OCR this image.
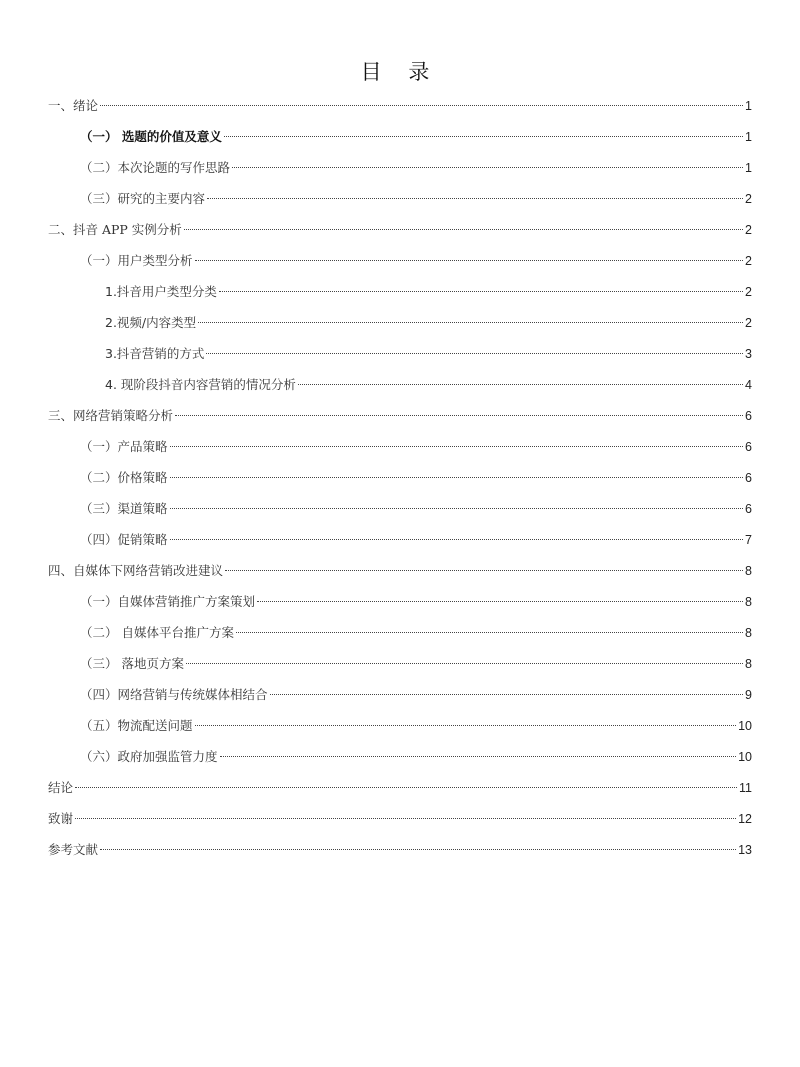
目 录
一、绪论	1
（一） 选题的价值及意义	1
（二）本次论题的写作思路	1
（三）研究的主要内容	2
二、抖音 APP 实例分析	2
（一）用户类型分析	2
1.抖音用户类型分类	2
2.视频/内容类型	2
3.抖音营销的方式	3
4. 现阶段抖音内容营销的情况分析	4
三、网络营销策略分析	6
（一）产品策略	6
（二）价格策略	6
（三）渠道策略	6
（四）促销策略	7
四、自媒体下网络营销改进建议	8
（一）自媒体营销推广方案策划	8
（二） 自媒体平台推广方案	8
（三） 落地页方案	8
（四）网络营销与传统媒体相结合	9
（五）物流配送问题	10
（六）政府加强监管力度	10
结论	11
致谢	12
参考文献	13
